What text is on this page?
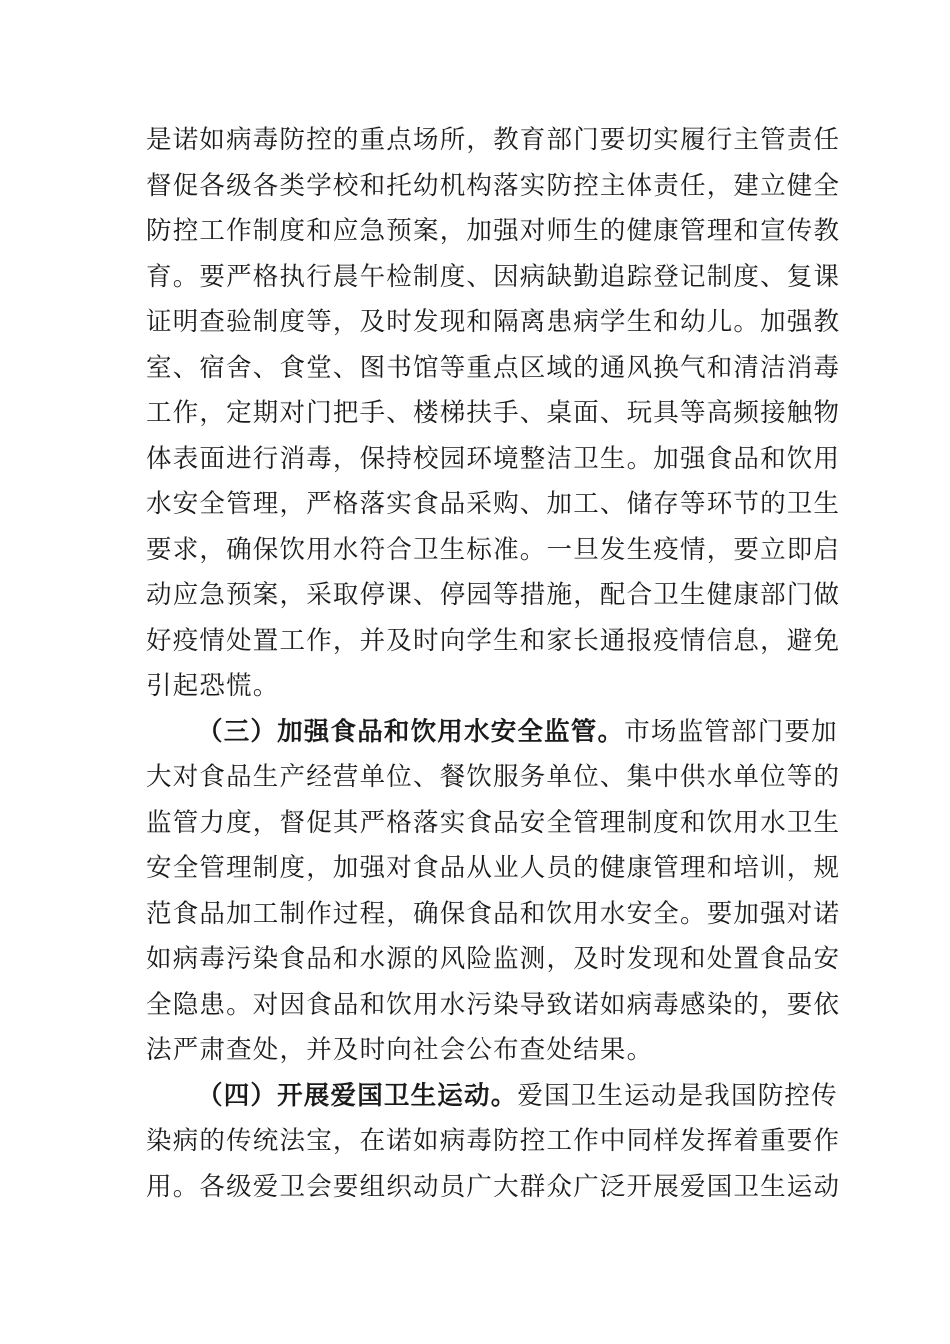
是诺如病毒防控的重点场所，教育部门要切实履行主管责任
督促各级各类学校和托幼机构落实防控主体责任，建立健全
防控工作制度和应急预案，加强对师生的健康管理和宣传教
育。要严格执行晨午检制度、因病缺勤追踪登记制度、复课
证明查验制度等，及时发现和隔离患病学生和幼儿。加强教
室、宿舍、食堂、图书馆等重点区域的通风换气和清洁消毒
工作，定期对门把手、楼梯扶手、桌面、玩具等高频接触物
体表面进行消毒，保持校园环境整洁卫生。加强食品和饮用
水安全管理，严格落实食品采购、加工、储存等环节的卫生
要求，确保饮用水符合卫生标准。一旦发生疫情，要立即启
动应急预案，采取停课、停园等措施，配合卫生健康部门做
好疫情处置工作，并及时向学生和家长通报疫情信息，避免
引起恐慌。
（三）加强食品和饮用水安全监管。市场监管部门要加
大对食品生产经营单位、餐饮服务单位、集中供水单位等的
监管力度，督促其严格落实食品安全管理制度和饮用水卫生
安全管理制度，加强对食品从业人员的健康管理和培训，规
范食品加工制作过程，确保食品和饮用水安全。要加强对诺
如病毒污染食品和水源的风险监测，及时发现和处置食品安
全隐患。对因食品和饮用水污染导致诺如病毒感染的，要依
法严肃查处，并及时向社会公布查处结果。
（四）开展爱国卫生运动。爱国卫生运动是我国防控传
染病的传统法宝，在诺如病毒防控工作中同样发挥着重要作
用。各级爱卫会要组织动员广大群众广泛开展爱国卫生运动
